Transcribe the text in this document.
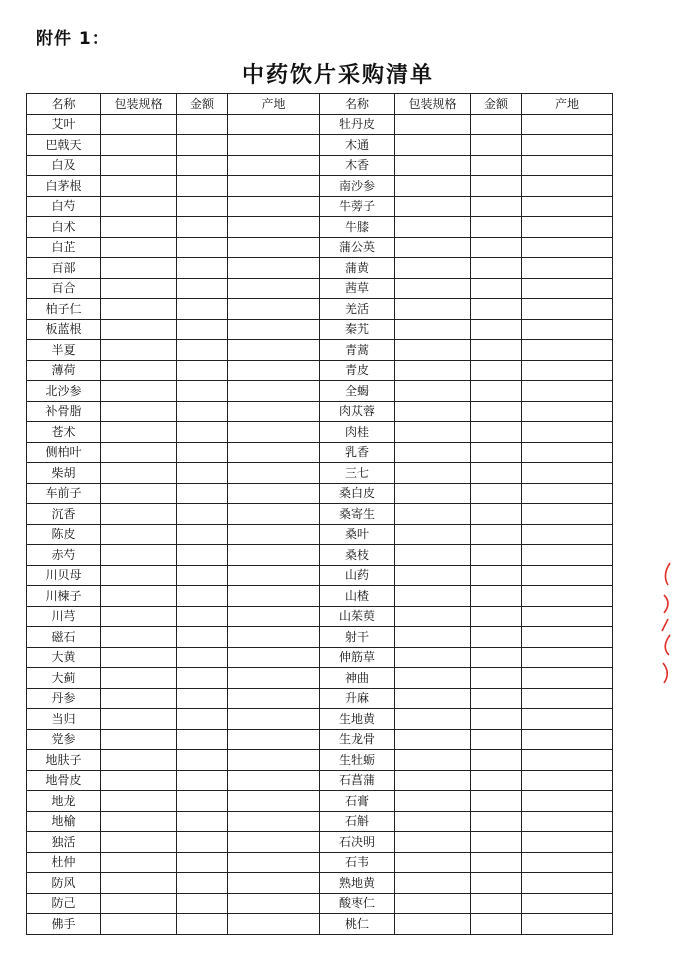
附件 1：
中药饮片采购清单
名称	包装规格	金额	产地	名称	包装规格	金额	产地
艾叶				牡丹皮			
巴戟天				木通			
白及				木香			
白茅根				南沙参			
白芍				牛蒡子			
白术				牛膝			
白芷				蒲公英			
百部				蒲黄			
百合				茜草			
柏子仁				羌活			
板蓝根				秦艽			
半夏				青蒿			
薄荷				青皮			
北沙参				全蝎			
补骨脂				肉苁蓉			
苍术				肉桂			
侧柏叶				乳香			
柴胡				三七			
车前子				桑白皮			
沉香				桑寄生			
陈皮				桑叶			
赤芍				桑枝			
川贝母				山药			
川楝子				山楂			
川芎				山茱萸			
磁石				射干			
大黄				伸筋草			
大蓟				神曲			
丹参				升麻			
当归				生地黄			
党参				生龙骨			
地肤子				生牡蛎			
地骨皮				石菖蒲			
地龙				石膏			
地榆				石斛			
独活				石决明			
杜仲				石韦			
防风				熟地黄			
防己				酸枣仁			
佛手				桃仁			
